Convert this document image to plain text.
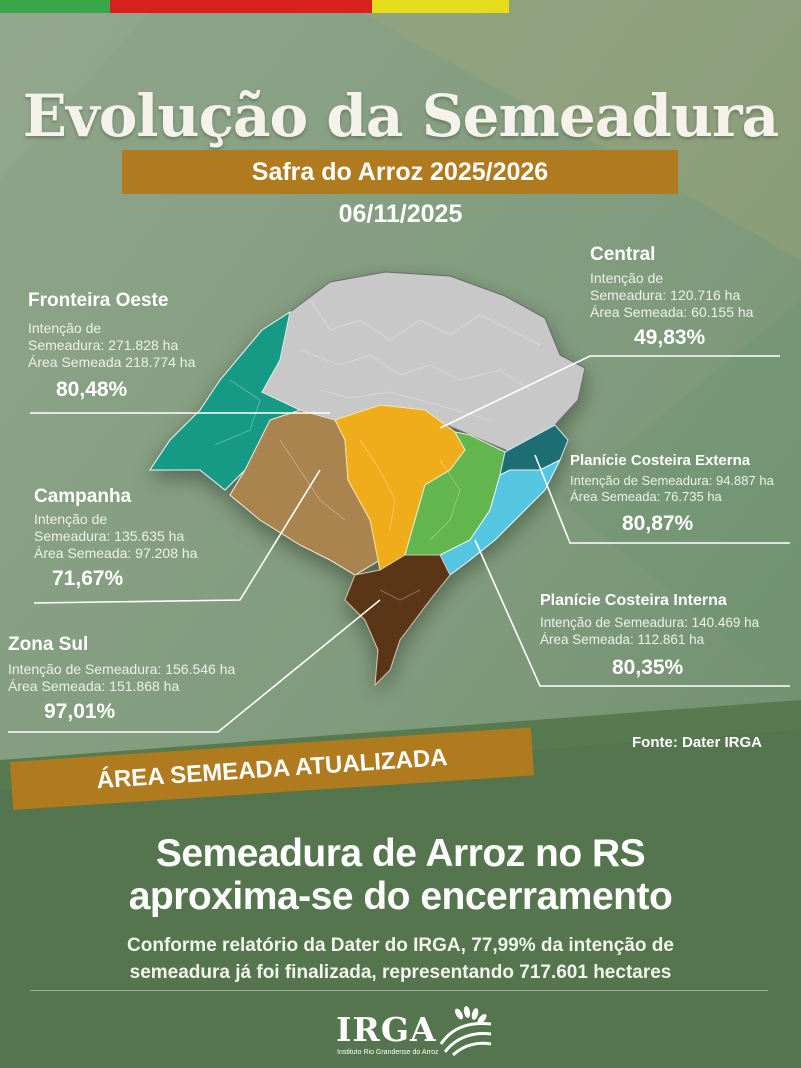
Evolução da Semeadura
Safra do Arroz 2025/2026
06/11/2025
Fronteira Oeste
Intenção de
Semeadura: 271.828 ha
Área Semeada 218.774 ha
80,48%
Central
Intenção de
Semeadura: 120.716 ha
Área Semeada: 60.155 ha
49,83%
Campanha
Intenção de
Semeadura: 135.635 ha
Área Semeada: 97.208 ha
71,67%
Planície Costeira Externa
Intenção de Semeadura: 94.887 ha
Área Semeada: 76.735 ha
80,87%
Planície Costeira Interna
Intenção de Semeadura: 140.469 ha
Área Semeada: 112.861 ha
80,35%
Zona Sul
Intenção de Semeadura: 156.546 ha
Área Semeada: 151.868 ha
97,01%
Fonte: Dater IRGA
ÁREA SEMEADA ATUALIZADA
Semeadura de Arroz no RS
aproxima-se do encerramento
Conforme relatório da Dater do IRGA, 77,99% da intenção de
semeadura já foi finalizada, representando 717.601 hectares
IRGA
Instituto Rio Grandense do Arroz
